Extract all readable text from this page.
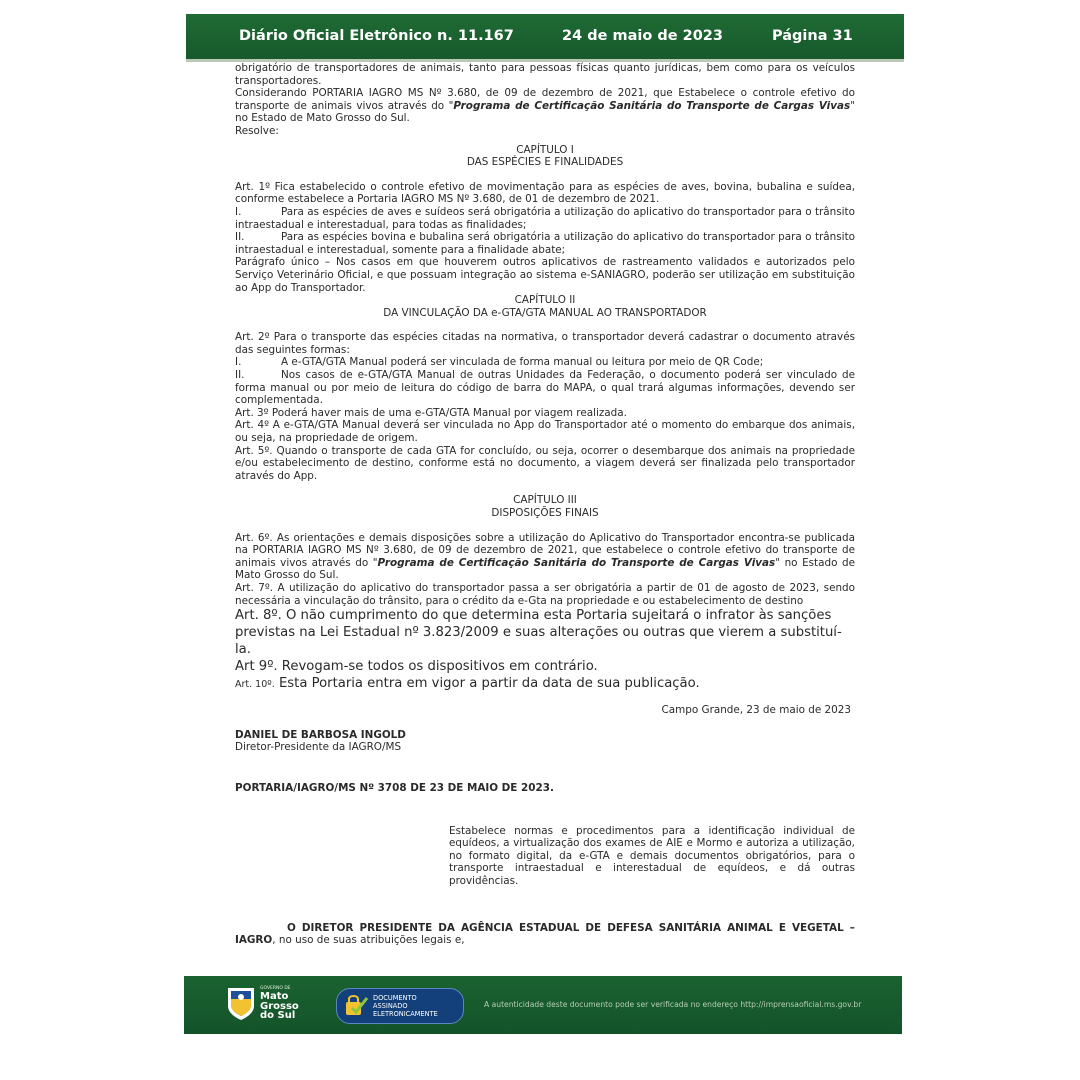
Diário Oficial Eletrônico n. 11.167	24 de maio de 2023	Página 31

obrigatório de transportadores de animais, tanto para pessoas físicas quanto jurídicas, bem como para os veículos transportadores.

Considerando PORTARIA IAGRO MS Nº 3.680, de 09 de dezembro de 2021, que Estabelece o controle efetivo do transporte de animais vivos através do "Programa de Certificação Sanitária do Transporte de Cargas Vivas" no Estado de Mato Grosso do Sul.

Resolve:

CAPÍTULO I

DAS ESPÉCIES E FINALIDADES

Art. 1º Fica estabelecido o controle efetivo de movimentação para as espécies de aves, bovina, bubalina e suídea, conforme estabelece a Portaria IAGRO MS Nº 3.680, de 01 de dezembro de 2021.

I.	Para as espécies de aves e suídeos será obrigatória a utilização do aplicativo do transportador para o trânsito intraestadual e interestadual, para todas as finalidades;

II.	Para as espécies bovina e bubalina será obrigatória a utilização do aplicativo do transportador para o trânsito intraestadual e interestadual, somente para a finalidade abate;

Parágrafo único – Nos casos em que houverem outros aplicativos de rastreamento validados e autorizados pelo Serviço Veterinário Oficial, e que possuam integração ao sistema e-SANIAGRO, poderão ser utilização em substituição ao App do Transportador.

CAPÍTULO II

DA VINCULAÇÃO DA e-GTA/GTA MANUAL AO TRANSPORTADOR

Art. 2º Para o transporte das espécies citadas na normativa, o transportador deverá cadastrar o documento através das seguintes formas:

I.	A e-GTA/GTA Manual poderá ser vinculada de forma manual ou leitura por meio de QR Code;

II.	Nos casos de e-GTA/GTA Manual de outras Unidades da Federação, o documento poderá ser vinculado de forma manual ou por meio de leitura do código de barra do MAPA, o qual trará algumas informações, devendo ser complementada.

Art. 3º Poderá haver mais de uma e-GTA/GTA Manual por viagem realizada.

Art. 4º A e-GTA/GTA Manual deverá ser vinculada no App do Transportador até o momento do embarque dos animais, ou seja, na propriedade de origem.

Art. 5º. Quando o transporte de cada GTA for concluído, ou seja, ocorrer o desembarque dos animais na propriedade e/ou estabelecimento de destino, conforme está no documento, a viagem deverá ser finalizada pelo transportador através do App.

CAPÍTULO III

DISPOSIÇÕES FINAIS

Art. 6º. As orientações e demais disposições sobre a utilização do Aplicativo do Transportador encontra-se publicada na PORTARIA IAGRO MS Nº 3.680, de 09 de dezembro de 2021, que estabelece o controle efetivo do transporte de animais vivos através do "Programa de Certificação Sanitária do Transporte de Cargas Vivas" no Estado de Mato Grosso do Sul.

Art. 7º. A utilização do aplicativo do transportador passa a ser obrigatória a partir de 01 de agosto de 2023, sendo necessária a vinculação do trânsito, para o crédito da e-Gta na propriedade e ou estabelecimento de destino

Art. 8º. O não cumprimento do que determina esta Portaria sujeitará o infrator às sanções previstas na Lei Estadual nº 3.823/2009 e suas alterações ou outras que vierem a substituí-la.

Art 9º. Revogam-se todos os dispositivos em contrário.

Art. 10º. Esta Portaria entra em vigor a partir da data de sua publicação.

Campo Grande, 23 de maio de 2023

DANIEL DE BARBOSA INGOLD

Diretor-Presidente da IAGRO/MS

PORTARIA/IAGRO/MS Nº 3708 DE 23 DE MAIO DE 2023.

Estabelece normas e procedimentos para a identificação individual de equídeos, a virtualização dos exames de AIE e Mormo e autoriza a utilização, no formato digital, da e-GTA e demais documentos obrigatórios, para o transporte intraestadual e interestadual de equídeos, e dá outras providências.

O DIRETOR PRESIDENTE DA AGÊNCIA ESTADUAL DE DEFESA SANITÁRIA ANIMAL E VEGETAL – IAGRO, no uso de suas atribuições legais e,

GOVERNO DE
Mato
Grosso
do Sul
DOCUMENTO
ASSINADO
ELETRONICAMENTE
A autenticidade deste documento pode ser verificada no endereço http://imprensaoficial.ms.gov.br
